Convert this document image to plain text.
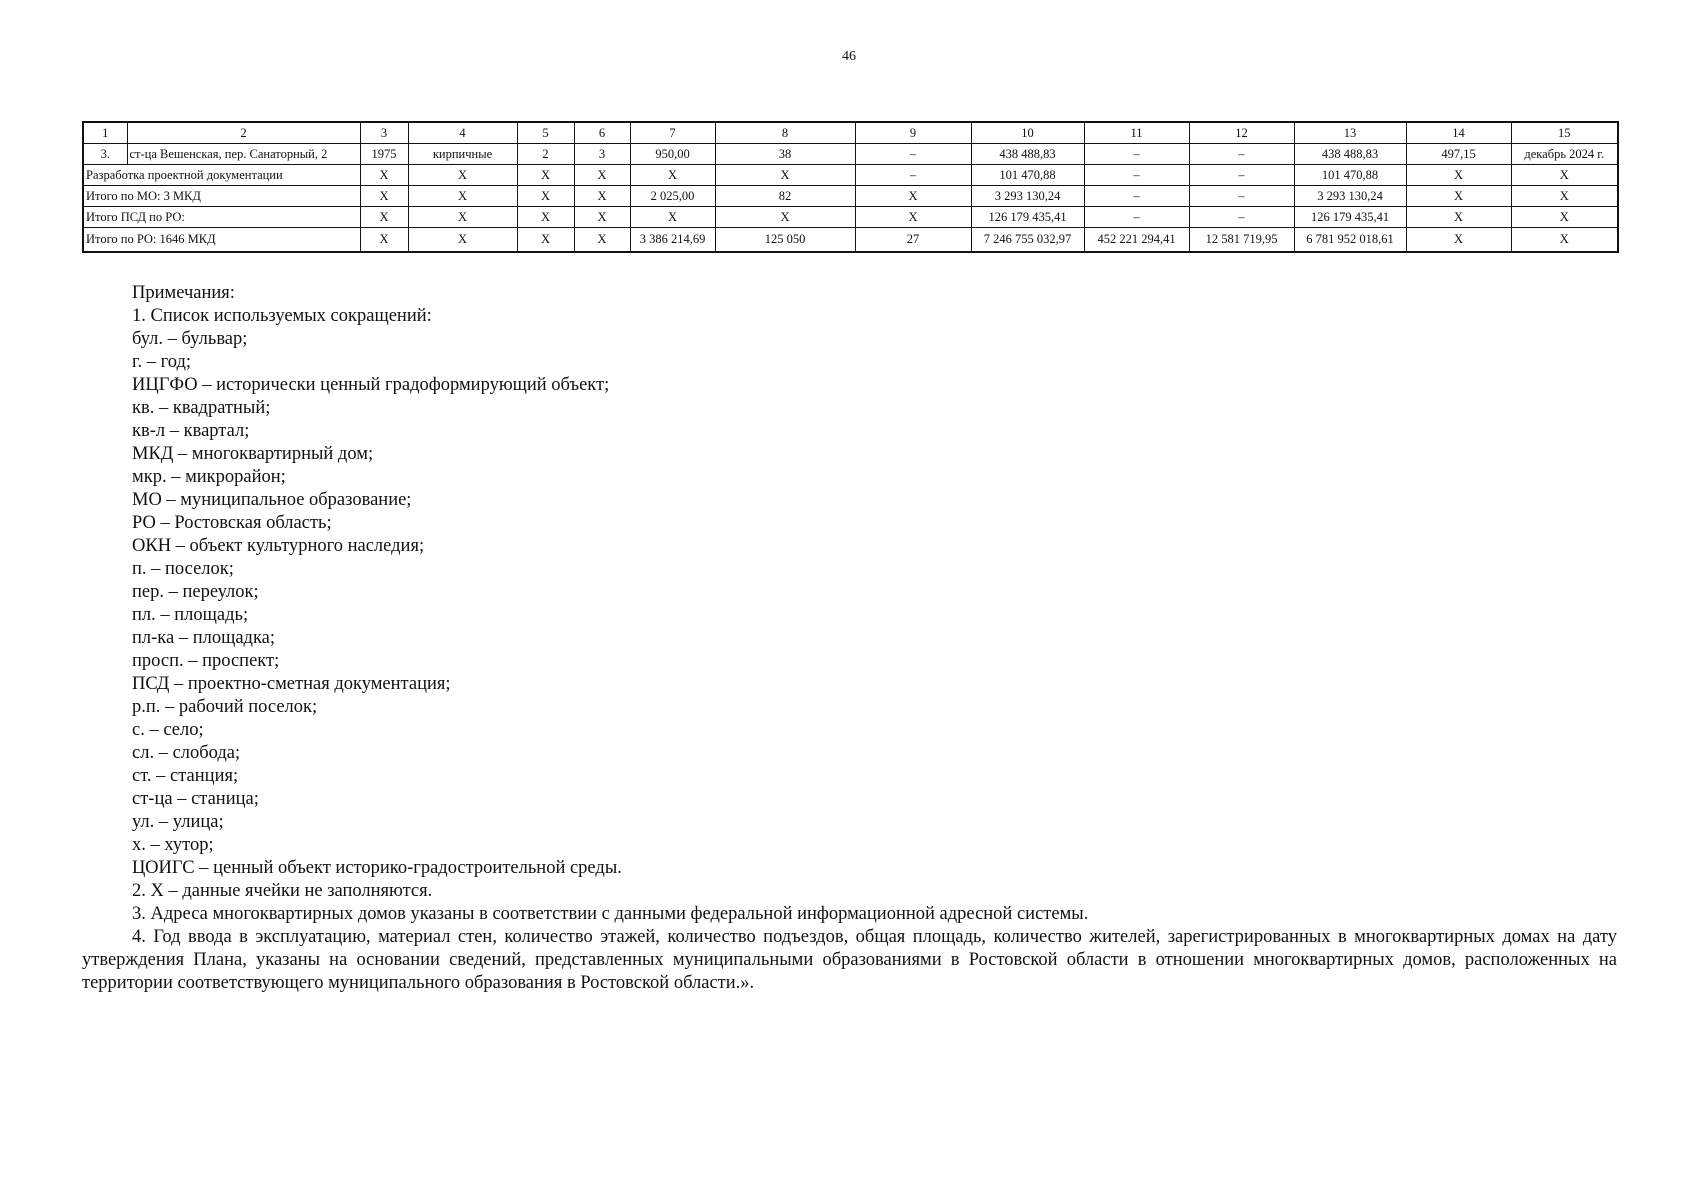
46
1	2	3	4	5	6	7	8	9	10	11	12	13	14	15
3.	ст-ца Вешенская, пер. Санаторный, 2	1975	кирпичные	2	3	950,00	38	–	438 488,83	–	–	438 488,83	497,15	декабрь 2024 г.
Разработка проектной документации		Х	Х	Х	Х	Х	Х	–	101 470,88	–	–	101 470,88	Х	Х
Итого по МО: 3 МКД		Х	Х	Х	Х	2 025,00	82	Х	3 293 130,24	–	–	3 293 130,24	Х	Х
Итого ПСД по РО:		Х	Х	Х	Х	Х	Х	Х	126 179 435,41	–	–	126 179 435,41	Х	Х
Итого по РО: 1646 МКД		Х	Х	Х	Х	3 386 214,69	125 050	27	7 246 755 032,97	452 221 294,41	12 581 719,95	6 781 952 018,61	Х	Х
Примечания:
1. Список используемых сокращений:
бул. – бульвар;
г. – год;
ИЦГФО – исторически ценный градоформирующий объект;
кв. – квадратный;
кв-л – квартал;
МКД – многоквартирный дом;
мкр. – микрорайон;
МО – муниципальное образование;
РО – Ростовская область;
ОКН – объект культурного наследия;
п. – поселок;
пер. – переулок;
пл. – площадь;
пл-ка – площадка;
просп. – проспект;
ПСД – проектно-сметная документация;
р.п. – рабочий поселок;
с. – село;
сл. – слобода;
ст. – станция;
ст-ца – станица;
ул. – улица;
х. – хутор;
ЦОИГС – ценный объект историко-градостроительной среды.
2. Х – данные ячейки не заполняются.
3. Адреса многоквартирных домов указаны в соответствии с данными федеральной информационной адресной системы.
4. Год ввода в эксплуатацию, материал стен, количество этажей, количество подъездов, общая площадь, количество жителей, зарегистрированных в многоквартирных домах на дату утверждения Плана, указаны на основании сведений, представленных муниципальными образованиями в Ростовской области в отношении многоквартирных домов, расположенных на территории соответствующего муниципального образования в Ростовской области.».
